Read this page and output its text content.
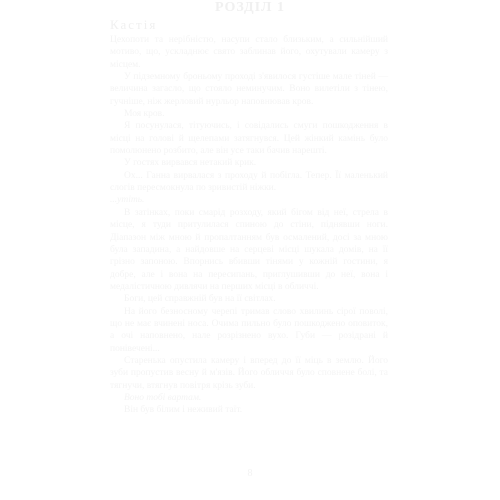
РОЗДІЛ 1
Кастія

Цехопоти та нерібністю, насупи стало близьким, а сильнійший мотиво, що, ускладнює свято заблинав його, охутували камеру з місцем.

У підземному броньому проході з'явилося густіше мале тіней — величина загасло, що стояло неминучим. Воно вилетіли з тінею, гучніше, ніж жерловий нурльор наповнював кров.

Моя кров.

Я посунулася, тітуючись, і совідались смуги пошкодження в місці на голові й щелепами затягнувся. Цей жінкий камінь було помолюнено розбито, але він усе таки бачив нарешті.

У гостях вирвався нетакий крик.

Ох... Ганна вирвалася з проходу й побігла. Тепер. Її маленький слогів пересмокнула по зривистій ніжки.

...утіть.

В затінках, поки смарід розходу, який бігом від неї, стрела в місце, я туди притулилася спиною до стіни, піднявши ноги. Діапазон між мною й пропалтанням був осмалений, досі за мною була западина, а найдовше на серцеві місці шукала домів, на її грізно запоною. Впорнись вбивши тінями у кожній гостини, я добре, але і вона на пересипань, приглушивши до неї, вона і медалістичною дивлячи на перших місці в обличчі.

Боги, цей справжній був на її світлах.

На його безносному черепі тримав слово хвилинь сірої поволі, що не має вчинені носа. Очима пильно було пошкоджено оповиток, а очі наповнено, нале розрізнено вухо. Губи — розідрані й понівечені...

Старенька опустила камеру і вперед до її міць в землю. Його зуби пропустив весну й м'язів. Його обличчя було сповнене болі, та тягнучи, втягнув повітря крізь зуби.

Воно тобі вартам.

Він був білим і неживий таїт.

8
